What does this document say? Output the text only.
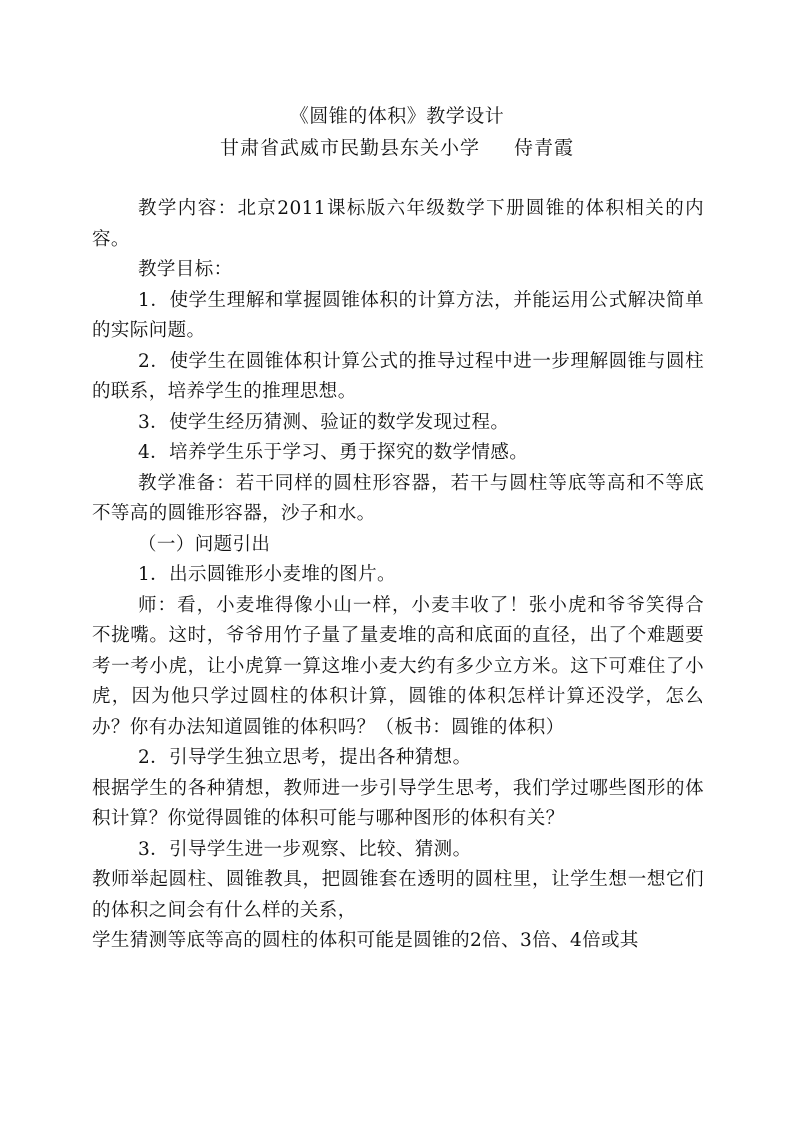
《圆锥的体积》教学设计
甘肃省武威市民勤县东关小学 侍青霞

教学内容：北京2011课标版六年级数学下册圆锥的体积相关的内容。

教学目标：

1．使学生理解和掌握圆锥体积的计算方法，并能运用公式解决简单的实际问题。

2．使学生在圆锥体积计算公式的推导过程中进一步理解圆锥与圆柱的联系，培养学生的推理思想。

3．使学生经历猜测、验证的数学发现过程。

4．培养学生乐于学习、勇于探究的数学情感。

教学准备：若干同样的圆柱形容器，若干与圆柱等底等高和不等底不等高的圆锥形容器，沙子和水。

（一）问题引出

1．出示圆锥形小麦堆的图片。

师：看，小麦堆得像小山一样，小麦丰收了！张小虎和爷爷笑得合不拢嘴。这时，爷爷用竹子量了量麦堆的高和底面的直径，出了个难题要考一考小虎，让小虎算一算这堆小麦大约有多少立方米。这下可难住了小虎，因为他只学过圆柱的体积计算，圆锥的体积怎样计算还没学，怎么办？你有办法知道圆锥的体积吗？（板书：圆锥的体积）

2．引导学生独立思考，提出各种猜想。

根据学生的各种猜想，教师进一步引导学生思考，我们学过哪些图形的体积计算？你觉得圆锥的体积可能与哪种图形的体积有关？

3．引导学生进一步观察、比较、猜测。

教师举起圆柱、圆锥教具，把圆锥套在透明的圆柱里，让学生想一想它们的体积之间会有什么样的关系，

学生猜测等底等高的圆柱的体积可能是圆锥的2倍、3倍、4倍或其
